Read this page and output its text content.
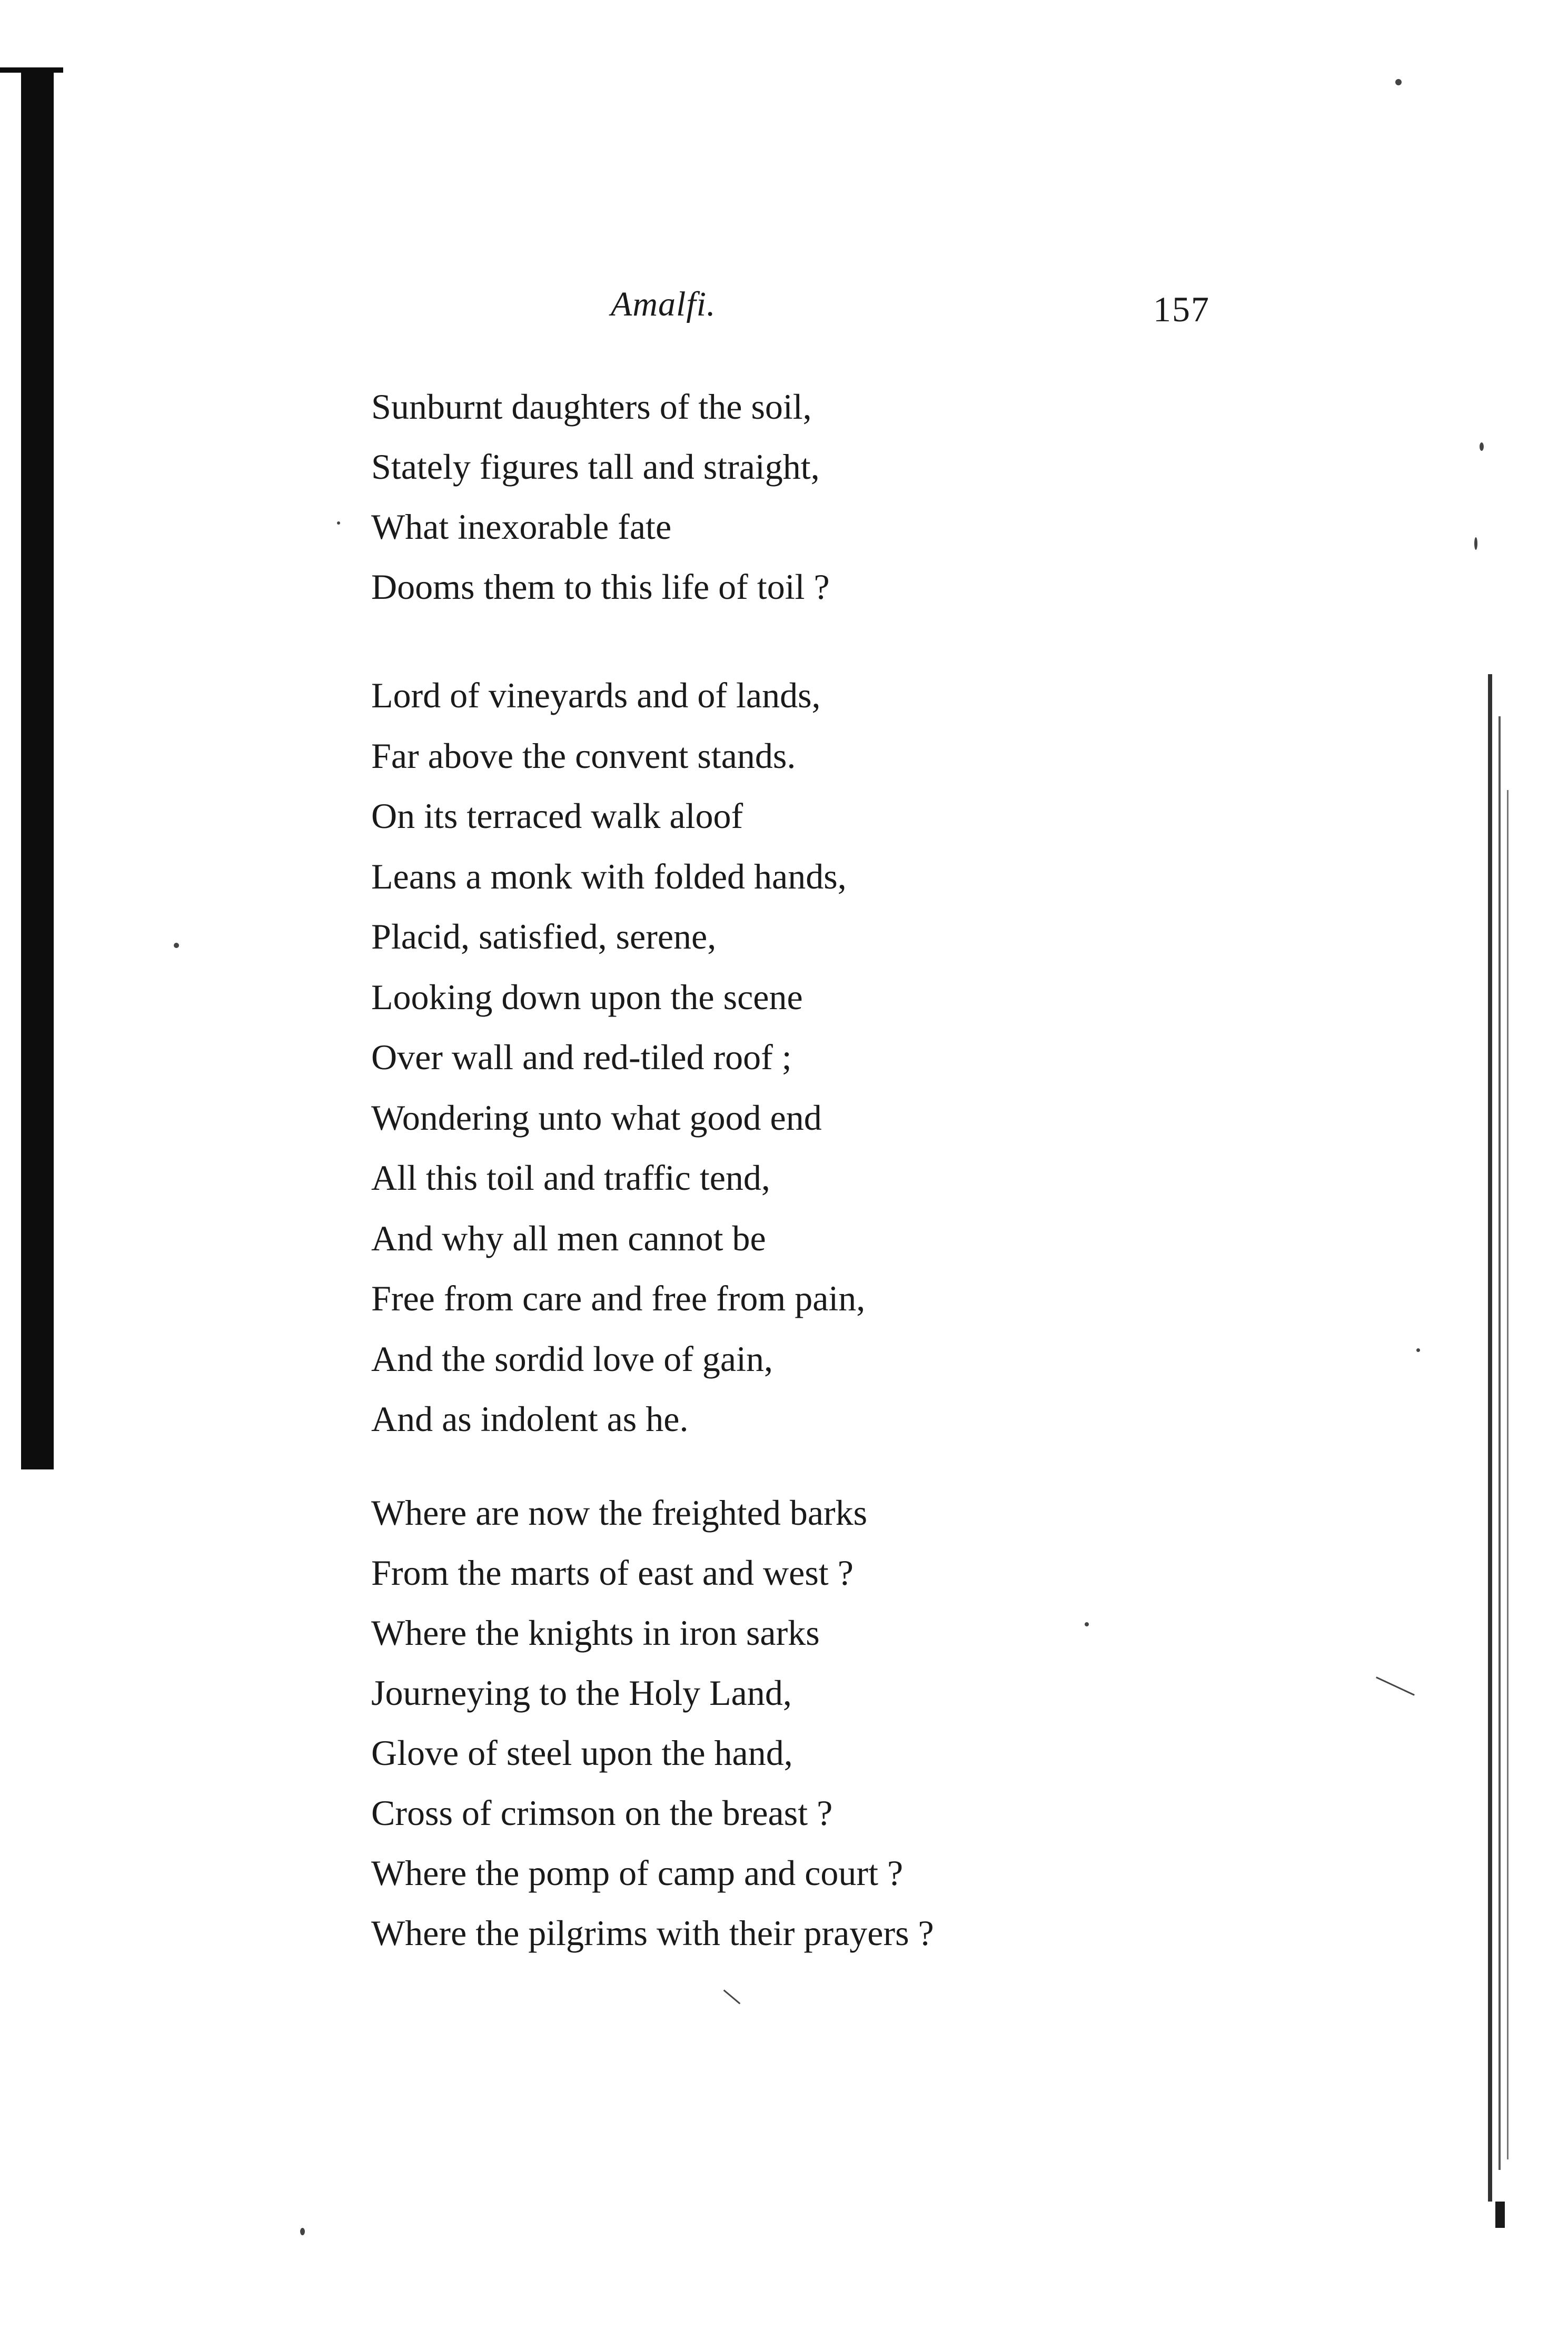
Amalfi.	157
Sunburnt daughters of the soil,
Stately figures tall and straight,
What inexorable fate
Dooms them to this life of toil ?
Lord of vineyards and of lands,
Far above the convent stands.
On its terraced walk aloof
Leans a monk with folded hands,
Placid, satisfied, serene,
Looking down upon the scene
Over wall and red-tiled roof ;
Wondering unto what good end
All this toil and traffic tend,
And why all men cannot be
Free from care and free from pain,
And the sordid love of gain,
And as indolent as he.
Where are now the freighted barks
From the marts of east and west ?
Where the knights in iron sarks
Journeying to the Holy Land,
Glove of steel upon the hand,
Cross of crimson on the breast ?
Where the pomp of camp and court ?
Where the pilgrims with their prayers ?
